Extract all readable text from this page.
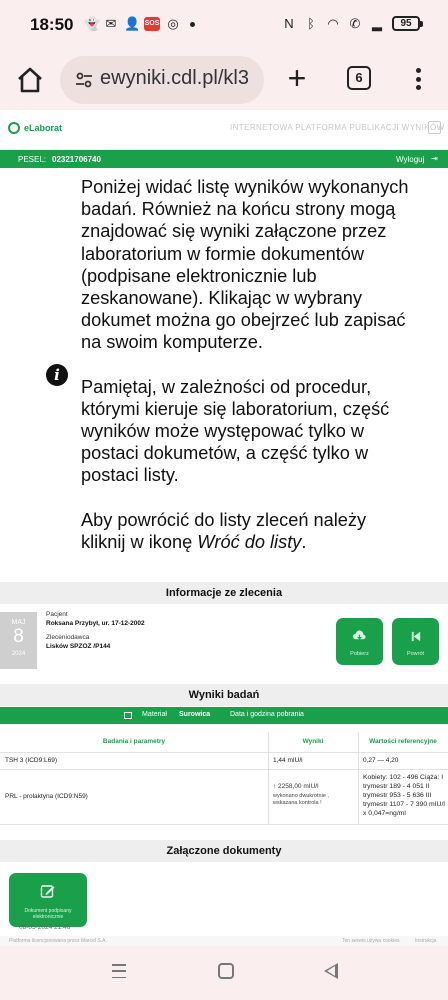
18:50 👻 ✉ 👤 SOS ◎	N ᛒ ◠ ✆ ▂	95
ewyniki.cdl.pl/kl3 +	6
eLaborat	INTERNETOWA PLATFORMA PUBLIKACJI WYNIKÓW
PESEL: 02321706740	Wyloguj ⇥
i

Poniżej widać listę wyników wykonanych badań. Również na końcu strony mogą znajdować się wyniki załączone przez laboratorium w formie dokumentów (podpisane elektronicznie lub zeskanowane). Klikając w wybrany dokumet można go obejrzeć lub zapisać na swoim komputerze.

Pamiętaj, w zależności od procedur, którymi kieruje się laboratorium, część wyników może występować tylko w postaci dokumetów, a część tylko w postaci listy.

Aby powrócić do listy zleceń należy kliknij w ikonę Wróć do listy.

Informacje ze zlecenia
MAJ
8
2024
Pacjent
Roksana Przybył, ur. 17-12-2002
Zleceniodawca
Lisków SPZOZ /P144
Pobierz	Powrót
Wyniki badań
Materiał Surowica	Data i godzina pobrania
Badania i parametry	Wyniki	Wartości referencyjne
TSH 3 (ICD9:L69)	1,44 mIU/l	0,27 — 4,20
PRL - prolaktyna (ICD9:N59)
↑ 2258,00 mIU/l
wykonano dwukrotnie , wskazana kontrola !
Kobiety: 102 - 496 Ciąża: I trymestr 189 - 4 051 II trymestr 953 - 5 636 III trymestr 1107 - 7 390 mIU/l x 0,047=ng/ml
Załączone dokumenty
Dokument podpisany elektronicznie
08-05-2024 21:46
Platforma licencjonowana przez Marcel S.A.	Ten serwis używa cookies	Instrukcja
